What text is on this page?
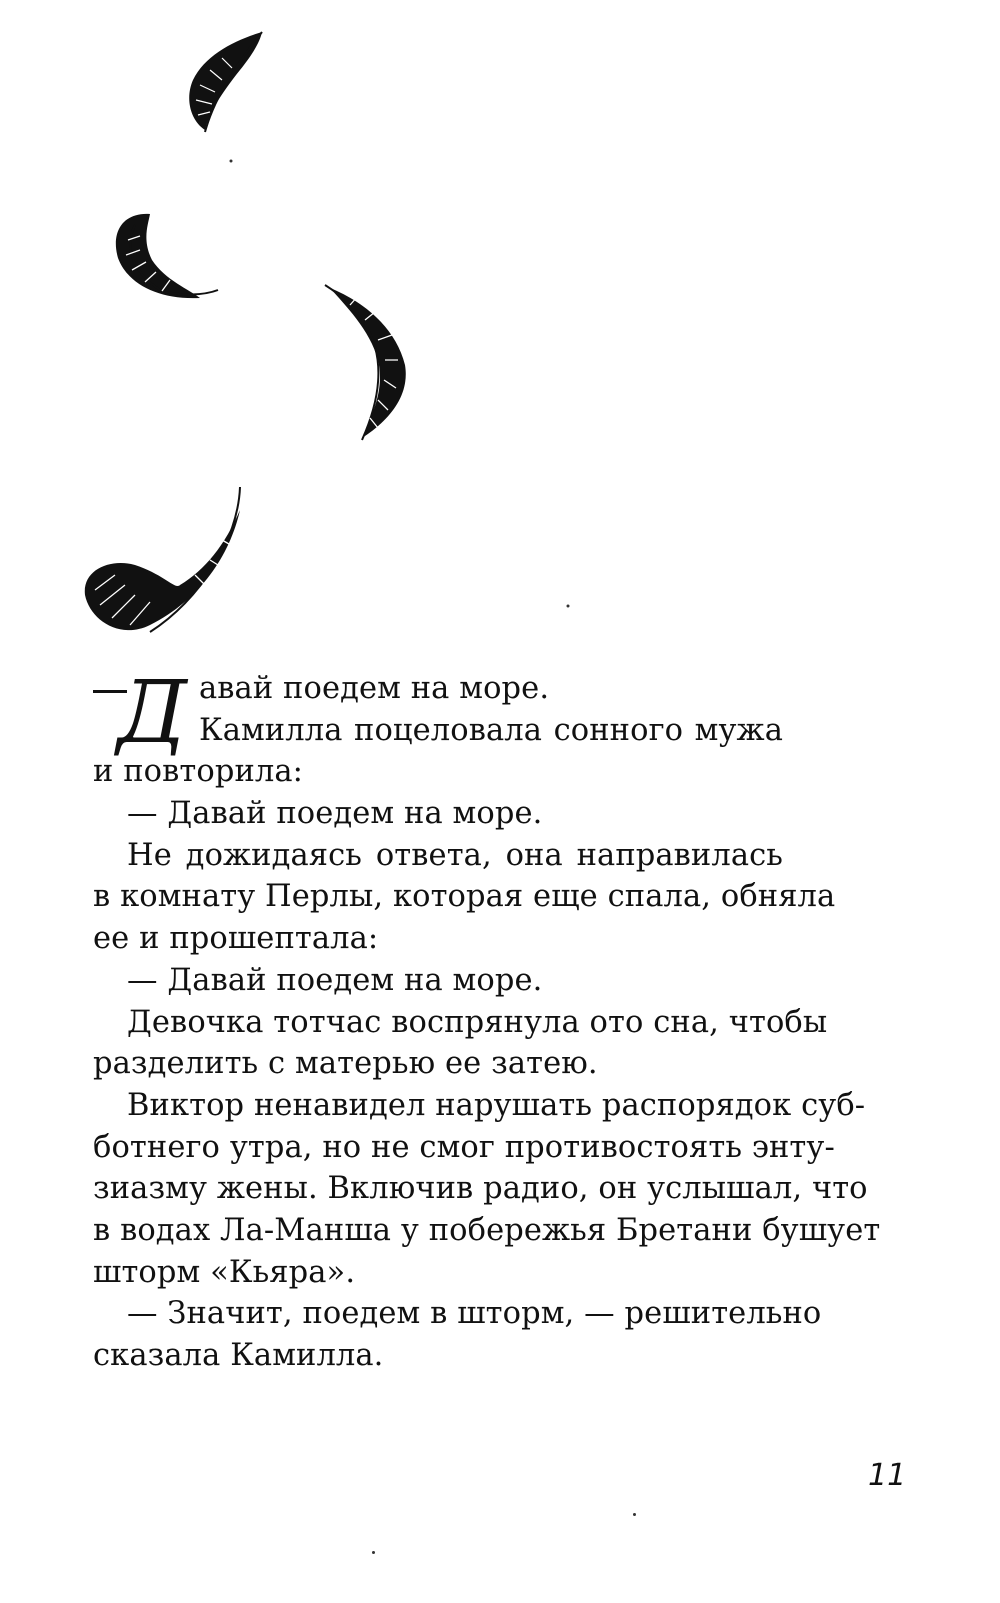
Д авай поедем на море.
Камилла поцеловала сонного мужа
и повторила:
— Давай поедем на море.
Не дожидаясь ответа, она направилась
в комнату Перлы, которая еще спала, обняла
ее и прошептала:
— Давай поедем на море.
Девочка тотчас воспрянула ото сна, чтобы
разделить с матерью ее затею.
Виктор ненавидел нарушать распорядок суб-
ботнего утра, но не смог противостоять энту-
зиазму жены. Включив радио, он услышал, что
в водах Ла-Манша у побережья Бретани бушует
шторм «Кьяра».
— Значит, поедем в шторм, — решительно
сказала Камилла.
11
